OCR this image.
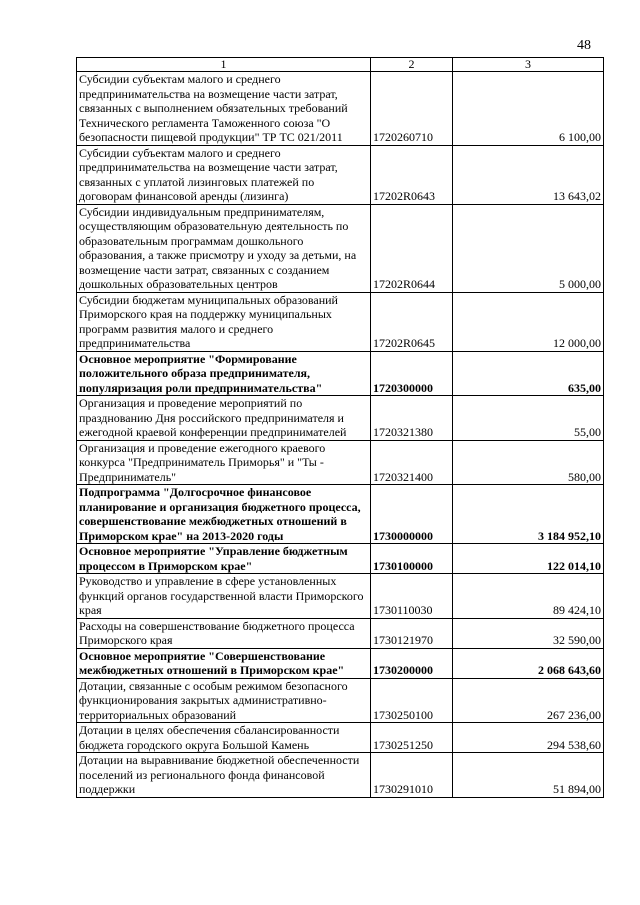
48
1	2	3
Субсидии субъектам малого и среднего предпринимательства на возмещение части затрат, связанных с выполнением обязательных требований Технического регламента Таможенного союза "О безопасности пищевой продукции" ТР ТС 021/2011	1720260710	6 100,00
Субсидии субъектам малого и среднего предпринимательства на возмещение части затрат, связанных с уплатой лизинговых платежей по договорам финансовой аренды (лизинга)	17202R0643	13 643,02
Субсидии индивидуальным предпринимателям, осуществляющим образовательную деятельность по образовательным программам дошкольного образования, а также присмотру и уходу за детьми, на возмещение части затрат, связанных с созданием дошкольных образовательных центров	17202R0644	5 000,00
Субсидии бюджетам муниципальных образований Приморского края на поддержку муниципальных программ развития малого и среднего предпринимательства	17202R0645	12 000,00
Основное мероприятие "Формирование положительного образа предпринимателя, популяризация роли предпринимательства"	1720300000	635,00
Организация и проведение мероприятий по празднованию Дня российского предпринимателя и ежегодной краевой конференции предпринимателей	1720321380	55,00
Организация и проведение ежегодного краевого конкурса "Предприниматель Приморья" и "Ты - Предприниматель"	1720321400	580,00
Подпрограмма "Долгосрочное финансовое планирование и организация бюджетного процесса, совершенствование межбюджетных отношений в Приморском крае" на 2013-2020 годы	1730000000	3 184 952,10
Основное мероприятие "Управление бюджетным процессом в Приморском крае"	1730100000	122 014,10
Руководство и управление в сфере установленных функций органов государственной власти Приморского края	1730110030	89 424,10
Расходы на совершенствование бюджетного процесса Приморского края	1730121970	32 590,00
Основное мероприятие "Совершенствование межбюджетных отношений в Приморском крае"	1730200000	2 068 643,60
Дотации, связанные с особым режимом безопасного функционирования закрытых административно-территориальных образований	1730250100	267 236,00
Дотации в целях обеспечения сбалансированности бюджета городского округа Большой Камень	1730251250	294 538,60
Дотации на выравнивание бюджетной обеспеченности поселений из регионального фонда финансовой поддержки	1730291010	51 894,00
